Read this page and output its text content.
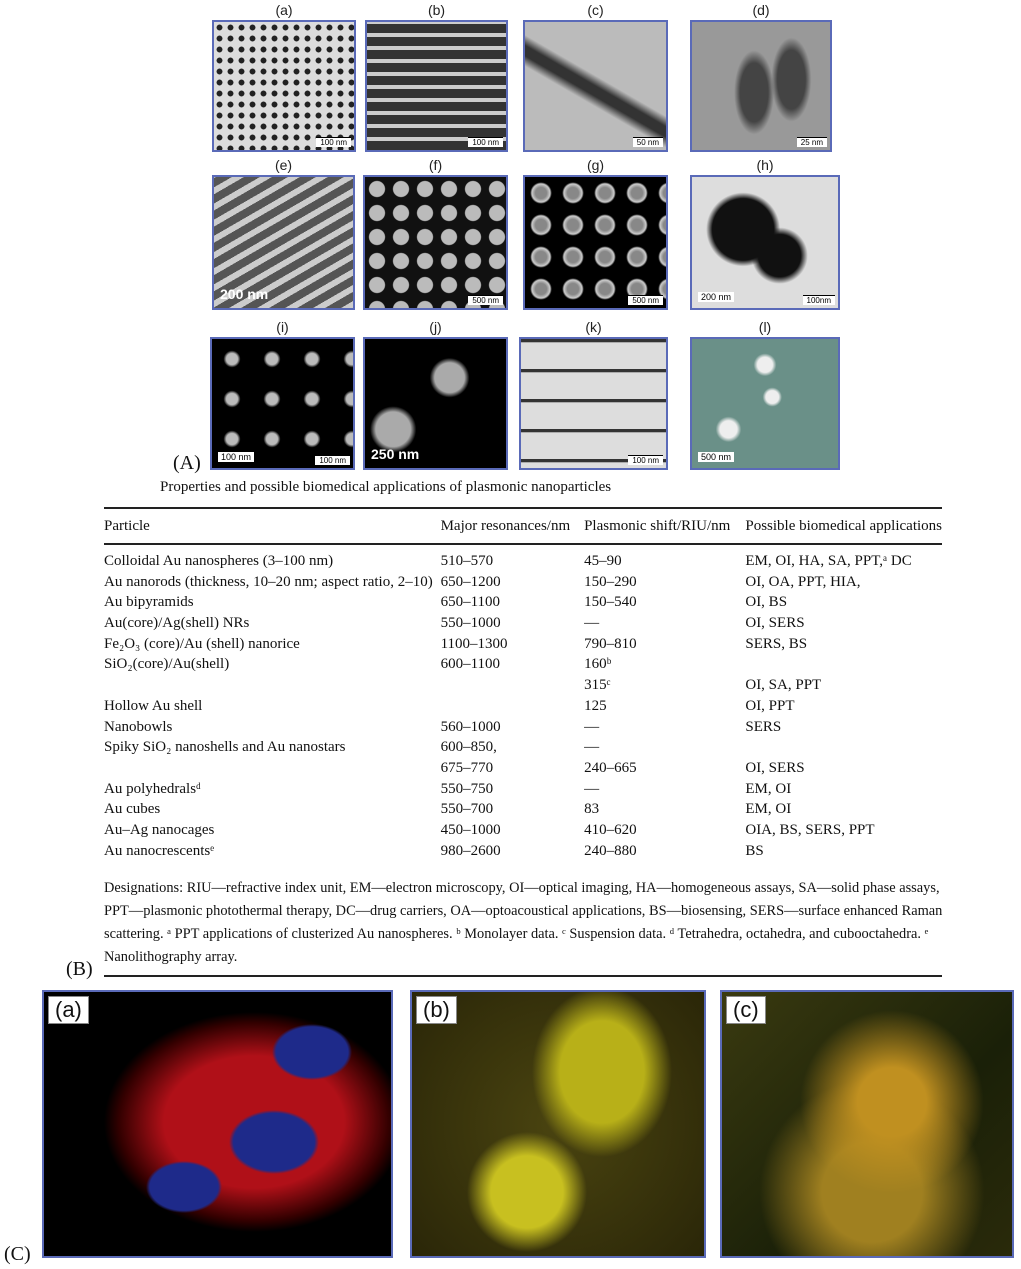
(a)
100 nm
(b)
100 nm
(c)
50 nm
(d)
25 nm
(e)
200 nm
(f)
500 nm
(g)
500 nm
(h)
200 nm	100nm
(i)
100 nm	100 nm
(j)
250 nm
(k)
100 nm
(l)
500 nm
(A)
Properties and possible biomedical applications of plasmonic nanoparticles
Particle	Major resonances/nm	Plasmonic shift/RIU/nm	Possible biomedical applications

Colloidal Au nanospheres (3–100 nm)	510–570	45–90	EM, OI, HA, SA, PPT,ᵃ DC
Au nanorods (thickness, 10–20 nm; aspect ratio, 2–10)	650–1200	150–290	OI, OA, PPT, HIA,
Au bipyramids	650–1100	150–540	OI, BS
Au(core)/Ag(shell) NRs	550–1000	—	OI, SERS
Fe₂O₃ (core)/Au (shell) nanorice	1100–1300	790–810	SERS, BS
SiO₂(core)/Au(shell)	600–1100	160ᵇ	
		315ᶜ	OI, SA, PPT
Hollow Au shell		125	OI, PPT
Nanobowls	560–1000	—	SERS
Spiky SiO₂ nanoshells and Au nanostars	600–850,	—	
	675–770	240–665	OI, SERS
Au polyhedralsᵈ	550–750	—	EM, OI
Au cubes	550–700	83	EM, OI
Au–Ag nanocages	450–1000	410–620	OIA, BS, SERS, PPT
Au nanocrescentsᵉ	980–2600	240–880	BS
Designations: RIU—refractive index unit, EM—electron microscopy, OI—optical imaging, HA—homogeneous assays, SA—solid phase assays, PPT—plasmonic photothermal therapy, DC—drug carriers, OA—optoacoustical applications, BS—biosensing, SERS—surface enhanced Raman scattering. ᵃ PPT applications of clusterized Au nanospheres. ᵇ Monolayer data. ᶜ Suspension data. ᵈ Tetrahedra, octahedra, and cubooctahedra. ᵉ Nanolithography array.
(B)
(a)	(b)	(c)
(C)
